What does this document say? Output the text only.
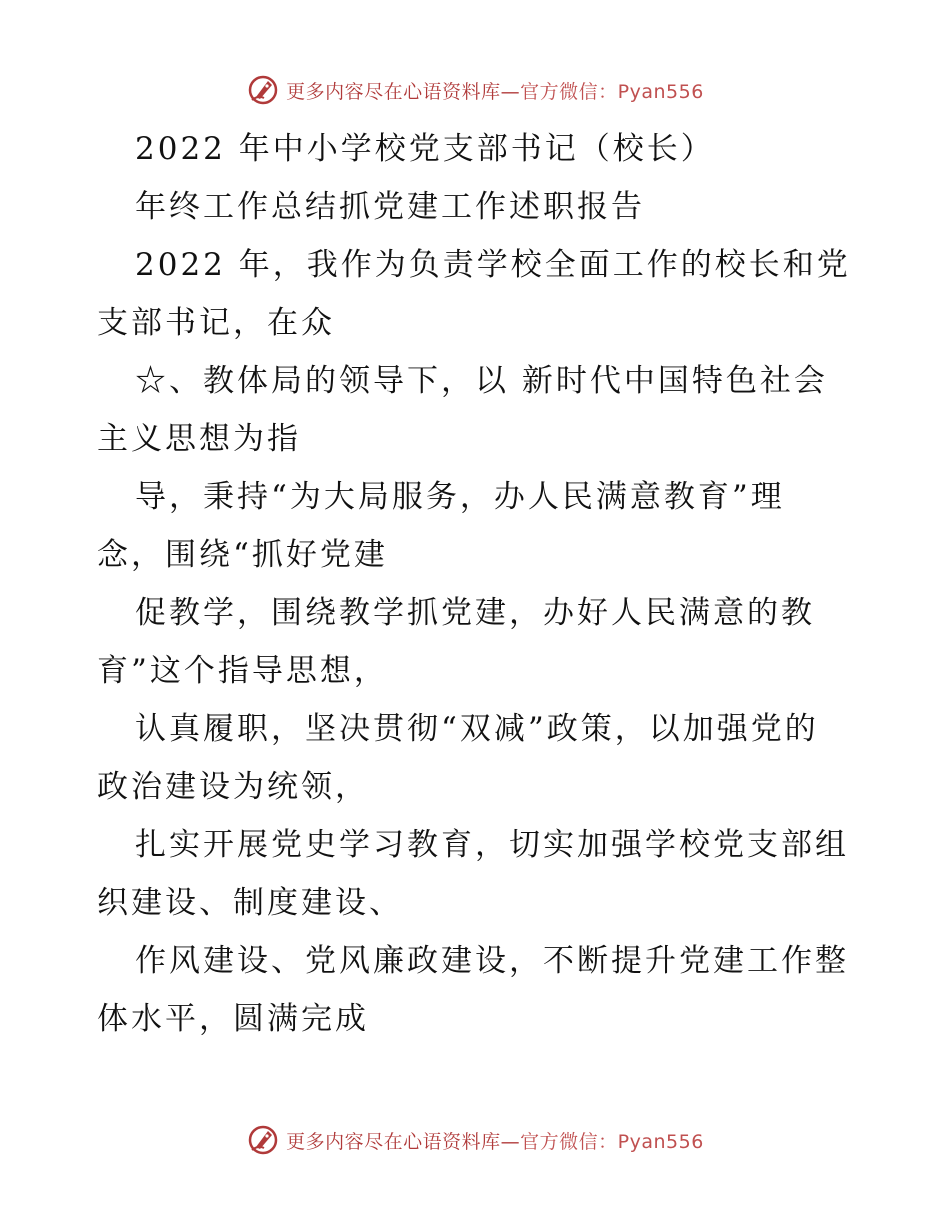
更多内容尽在心语资料库—官方微信：Pyan556
2022 年中小学校党支部书记（校长）
年终工作总结抓党建工作述职报告
2022 年，我作为负责学校全面工作的校长和党
支部书记，在众
☆、教体局的领导下，以 新时代中国特色社会
主义思想为指
导，秉持“为大局服务，办人民满意教育”理
念，围绕“抓好党建
促教学，围绕教学抓党建，办好人民满意的教
育”这个指导思想，
认真履职，坚决贯彻“双减”政策，以加强党的
政治建设为统领，
扎实开展党史学习教育，切实加强学校党支部组
织建设、制度建设、
作风建设、党风廉政建设，不断提升党建工作整
体水平，圆满完成
更多内容尽在心语资料库—官方微信：Pyan556
